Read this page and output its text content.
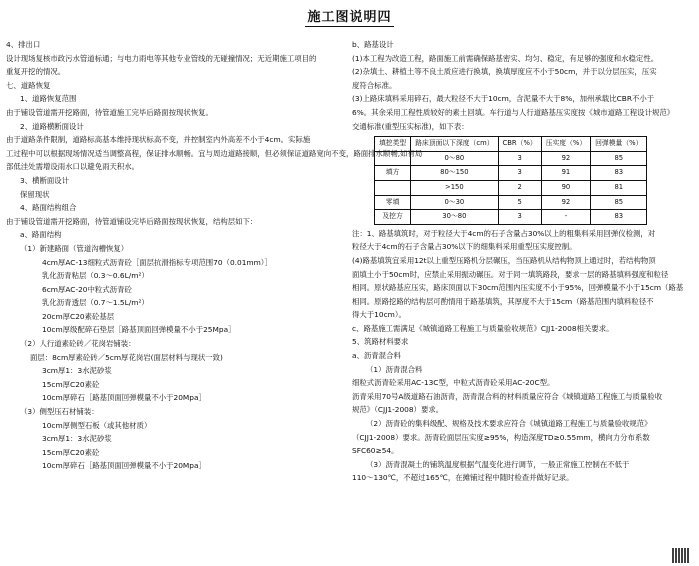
施工图说明四

4、排出口

设计现场复核市政污水管道标通；与电力雨电等其他专业管线的无碰撞情况；无近期施工项目的

重复开挖的情况。

七、道路恢复

1、道路恢复范围

由于铺设管道需开挖路面，待管道施工完毕后路面按现状恢复。

2、道路横断面设计

由于道路条件限制，道路标高基本维持现状标高不变，并控制室内外高差不小于4cm。实际施

工过程中可以根据现场情况适当调整高程，保证排水顺畅。宜与周边道路接顺，但必须保证道路宽向不变，路面排水顺畅,如有局

部低洼处需增设雨水口以避免雨天积水。

3、横断面设计

保留现状

4、路面结构组合

由于铺设管道需开挖路面，待管道铺设完毕后路面按现状恢复，结构层如下：

a、路面结构

（1）新建路面（管道沟槽恢复）

4cm厚AC-13细粒式沥青砼［面层抗滑指标专项范围70（0.01mm）］

乳化沥青粘层（0.3～0.6L/m²）

6cm厚AC-20中粒式沥青砼

乳化沥青透层（0.7～1.5L/m²）

20cm厚C20素砼基层

10cm厚级配碎石垫层［路基顶面回弹模量不小于25Mpa］

（2）人行道素砼砖／花岗岩铺装：

面层：8cm厚素砼砖／5cm厚花岗岩(面层材料与现状一致)

3cm厚1：3水泥砂浆

15cm厚C20素砼

10cm厚碎石［路基顶面回弹模量不小于20Mpa］

（3）侧型压石材铺装：

10cm厚侧型石板（或其他材质）

3cm厚1：3水泥砂浆

15cm厚C20素砼

10cm厚碎石［路基顶面回弹模量不小于20Mpa］

b、路基设计

(1)本工程为改造工程，路面施工前需确保路基密实、均匀、稳定，有足够的强度和水稳定性。

(2)杂填土、耕植土等不良土质应进行换填，换填厚度应不小于50cm，并于以分层压实，压实

度符合标准。

(3)上路床填料采用碎石，最大粒径不大于10cm，含泥量不大于8%，加州承载比CBR不小于

6%。其余采用工程性质较好的素土回填。车行道与人行道路基压实度按《城市道路工程设计规范》

交通标准(重型压实标准)，如下表：

填挖类型	路床顶面以下深度（cm）	CBR（%）	压实度（%）	回弹模量（%）
	0～80	3	92	85
填方	80～150	3	91	83
	>150	2	90	81
零填	0～30	5	92	85
及挖方	30～80	3	-	83

注：1、路基填筑时，对于粒径大于4cm的石子含量占30%以上的粗集料采用回弹仪检测，对

粒径大于4cm的石子含量占30%以下的细集料采用重型压实度控制。

(4)路基填筑宜采用12t以上重型压路机分层碾压，当压路机从结构物顶上通过时，若结构物顶

面填土小于50cm时，应禁止采用振动碾压。对于同一填筑路段，要求一层的路基填料强度和粒径

相同。原状路基应压实，路床顶面以下30cm范围内压实度不小于95%，回弹模量不小于15cm（路基

相同。原路挖路的结构层可酌情用于路基填筑，其厚度不大于15cm（路基范围内填料粒径不

得大于10cm）。

c、路基施工需满足《城镇道路工程施工与质量验收规范》CJJ1-2008相关要求。

5、筑路材料要求

a、沥青混合料

（1）沥青混合料

细粒式沥青砼采用AC-13C型，中粒式沥青砼采用AC-20C型。

沥青采用70号A级道路石油沥青，沥青混合料的材料质量应符合《城镇道路工程施工与质量验收

规范》（CJJ1-2008）要求。

（2）沥青砼的集料级配、规格及技术要求应符合《城镇道路工程施工与质量验收规范》

（CJJ1-2008）要求。沥青砼面层压实度≥95%，构造深度TD≥0.55mm，横向力分布系数

SFC60≥54。

（3）沥青混凝土的铺筑温度根据气温变化进行调节，一般正常施工控制在不低于

110～130℃，不超过165℃，在摊铺过程中随时检查并做好记录。
